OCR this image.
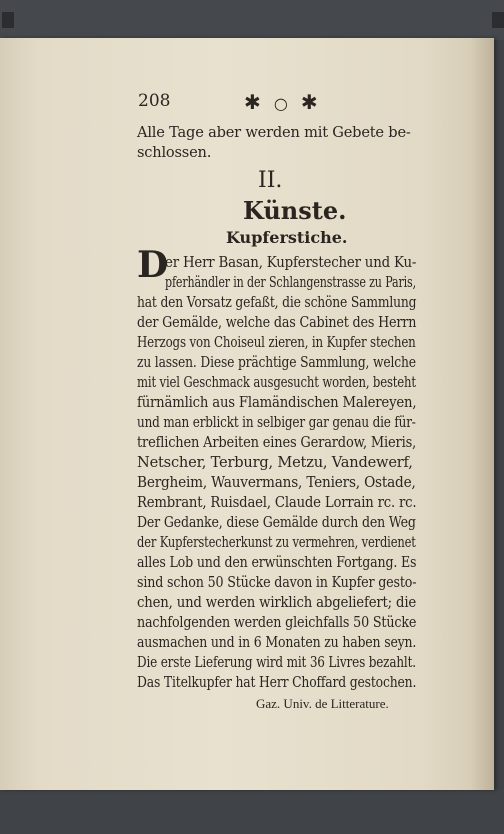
208	✱ ○ ✱
Alle Tage aber werden mit Gebete be-
schlossen.
II.
Künste.
Kupferstiche.
D
er Herr Basan, Kupferstecher und Ku-
pferhändler in der Schlangenstrasse zu Paris,
hat den Vorsatz gefaßt, die schöne Sammlung
der Gemälde, welche das Cabinet des Herrn
Herzogs von Choiseul zieren, in Kupfer stechen
zu lassen. Diese prächtige Sammlung, welche
mit viel Geschmack ausgesucht worden, besteht
fürnämlich aus Flamändischen Malereyen,
und man erblickt in selbiger gar genau die für-
treflichen Arbeiten eines Gerardow, Mieris,
Netscher, Terburg, Metzu, Vandewerf,
Bergheim, Wauvermans, Teniers, Ostade,
Rembrant, Ruisdael, Claude Lorrain rc. rc.
Der Gedanke, diese Gemälde durch den Weg
der Kupferstecherkunst zu vermehren, verdienet
alles Lob und den erwünschten Fortgang. Es
sind schon 50 Stücke davon in Kupfer gesto-
chen, und werden wirklich abgeliefert; die
nachfolgenden werden gleichfalls 50 Stücke
ausmachen und in 6 Monaten zu haben seyn.
Die erste Lieferung wird mit 36 Livres bezahlt.
Das Titelkupfer hat Herr Choffard gestochen.
Gaz. Univ. de Litterature.
